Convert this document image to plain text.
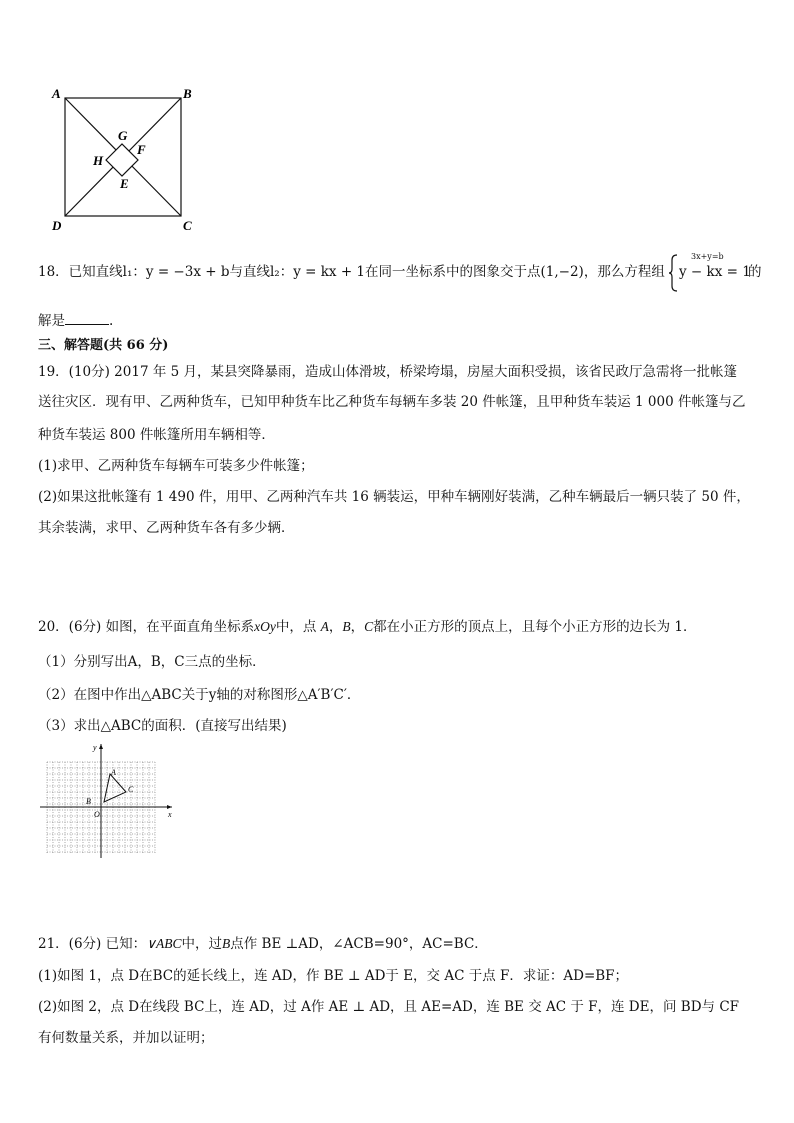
A	B
C
D
E
F
G
H
18．已知直线l₁：y = −3x + b与直线l₂：y = kx + 1在同一坐标系中的图象交于点(1,−2)，那么方程组
3x+y=b
y − kx = 1
的
解是	.
三、解答题(共 66 分)
19．(10分) 2017 年 5 月，某县突降暴雨，造成山体滑坡，桥梁垮塌，房屋大面积受损，该省民政厅急需将一批帐篷
送往灾区．现有甲、乙两种货车，已知甲种货车比乙种货车每辆车多装 20 件帐篷，且甲种货车装运 1 000 件帐篷与乙
种货车装运 800 件帐篷所用车辆相等．
(1)求甲、乙两种货车每辆车可装多少件帐篷；
(2)如果这批帐篷有 1 490 件，用甲、乙两种汽车共 16 辆装运，甲种车辆刚好装满，乙种车辆最后一辆只装了 50 件，
其余装满，求甲、乙两种货车各有多少辆．
20．(6分) 如图，在平面直角坐标系xOy中，点 A，B，C都在小正方形的顶点上，且每个小正方形的边长为 1．
（1）分别写出A，B，C三点的坐标．
（2）在图中作出△ABC关于y轴的对称图形△A′B′C′．
（3）求出△ABC的面积．(直接写出结果)
x
y
O
A
B
C
21．(6分) 已知：∨ABC中，过B点作 BE ⊥AD，∠ACB=90°，AC=BC．
(1)如图 1，点 D在BC的延长线上，连 AD，作 BE ⊥ AD于 E，交 AC 于点 F．求证：AD=BF；
(2)如图 2，点 D在线段 BC上，连 AD，过 A作 AE ⊥ AD，且 AE=AD，连 BE 交 AC 于 F，连 DE，问 BD与 CF
有何数量关系，并加以证明；
